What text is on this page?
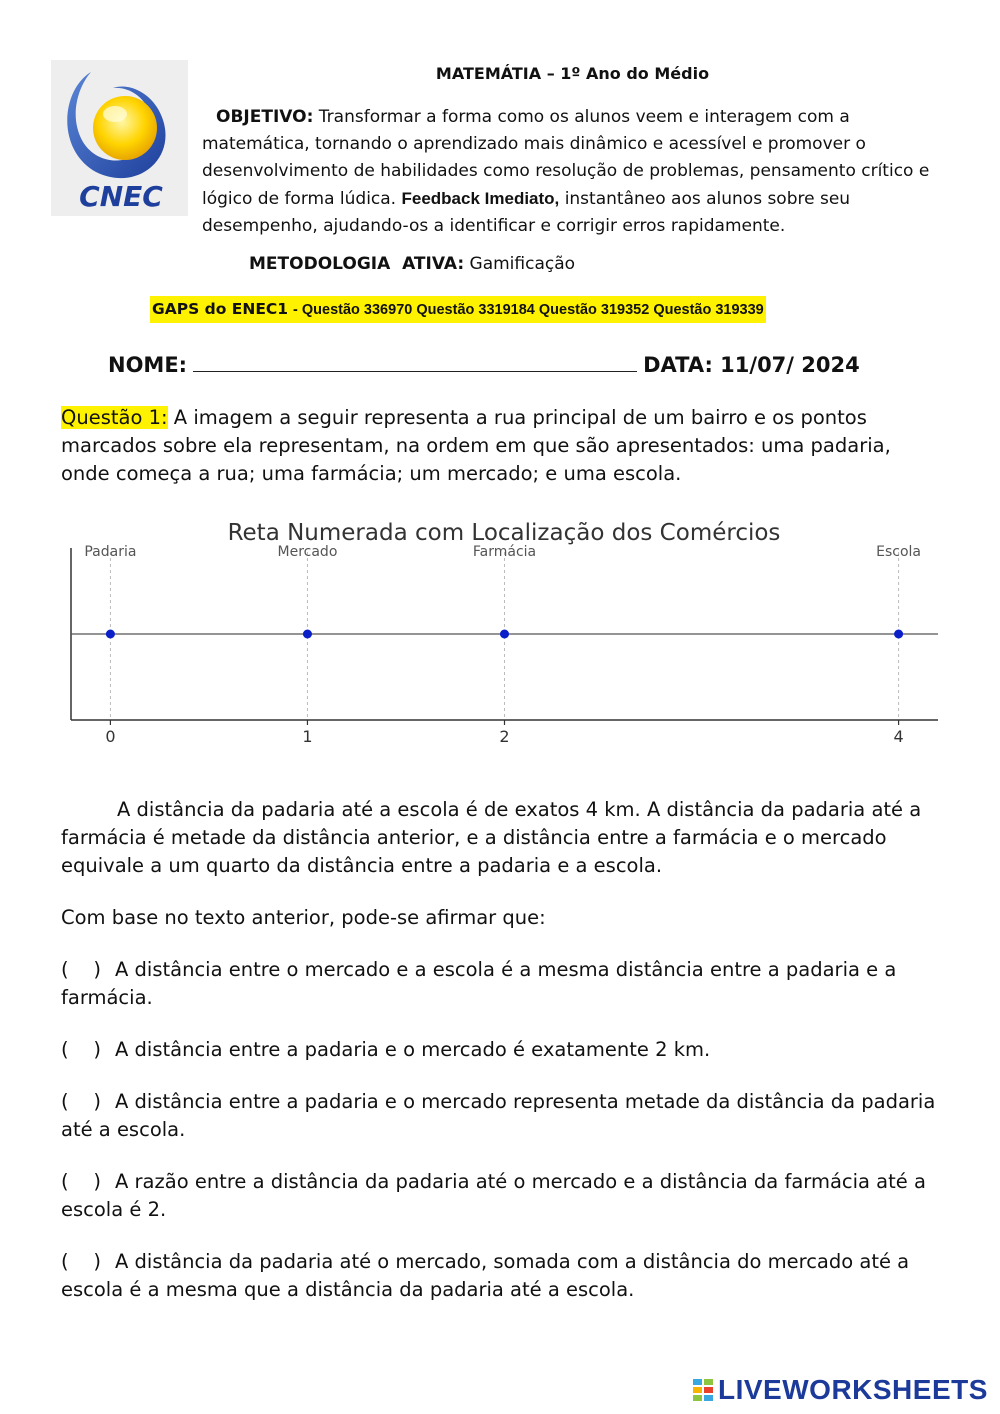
CNEC
MATEMÁTIA – 1º Ano do Médio
OBJETIVO: Transformar a forma como os alunos veem e interagem com a matemática, tornando o aprendizado mais dinâmico e acessível e promover o desenvolvimento de habilidades como resolução de problemas, pensamento crítico e lógico de forma lúdica. Feedback Imediato, instantâneo aos alunos sobre seu desempenho, ajudando-os a identificar e corrigir erros rapidamente.
METODOLOGIA  ATIVA: Gamificação
GAPS do ENEC1 - Questão 336970 Questão 3319184 Questão 319352 Questão 319339
NOME:	DATA: 11/07/ 2024
Questão 1: A imagem a seguir representa a rua principal de um bairro e os pontos marcados sobre ela representam, na ordem em que são apresentados: uma padaria, onde começa a rua; uma farmácia; um mercado; e uma escola.
Reta Numerada com Localização dos Comércios
Padaria
0
Mercado
1
Farmácia
2
Escola
4
A distância da padaria até a escola é de exatos 4 km. A distância da padaria até a farmácia é metade da distância anterior, e a distância entre a farmácia e o mercado equivale a um quarto da distância entre a padaria e a escola.
Com base no texto anterior, pode-se afirmar que:
(    ) A distância entre o mercado e a escola é a mesma distância entre a padaria e a farmácia.
(    ) A distância entre a padaria e o mercado é exatamente 2 km.
(    ) A distância entre a padaria e o mercado representa metade da distância da padaria até a escola.
(    ) A razão entre a distância da padaria até o mercado e a distância da farmácia até a escola é 2.
(    ) A distância da padaria até o mercado, somada com a distância do mercado até a escola é a mesma que a distância da padaria até a escola.
LIVEWORKSHEETS
